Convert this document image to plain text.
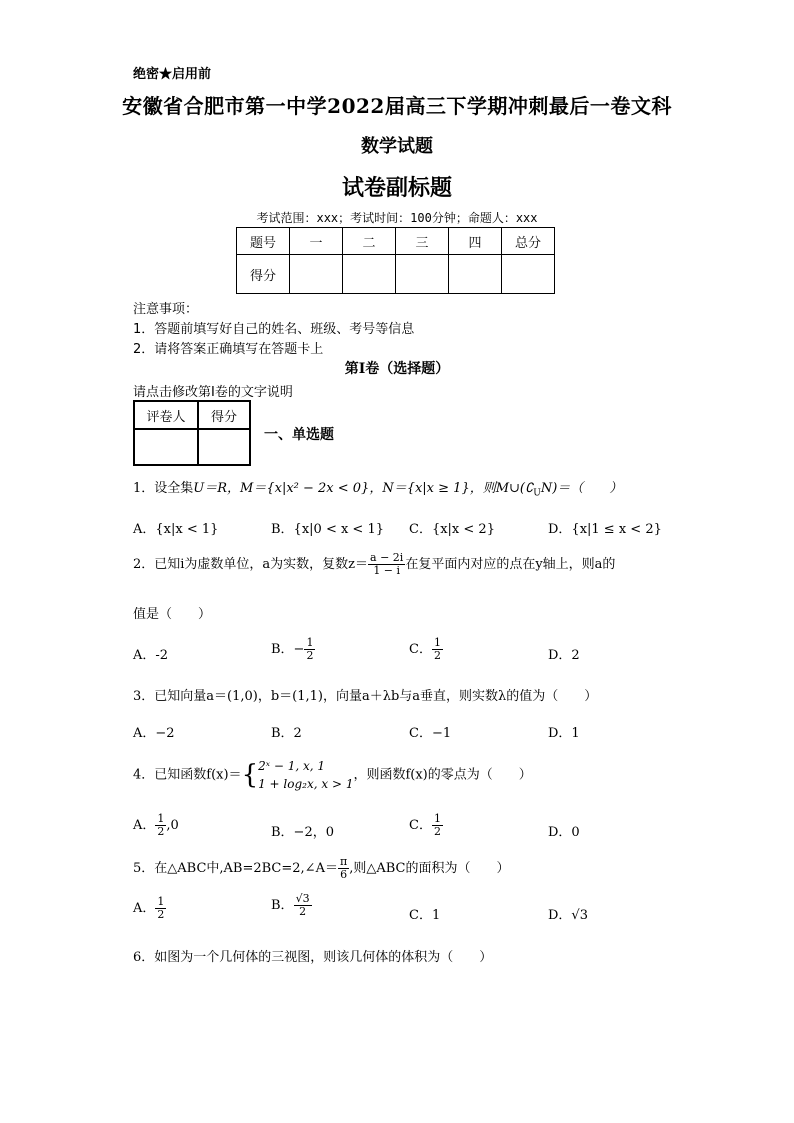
绝密★启用前
安徽省合肥市第一中学2022届高三下学期冲刺最后一卷文科
数学试题
试卷副标题
考试范围：xxx；考试时间：100分钟；命题人：xxx
题号	一	二	三	四	总分
得分					
注意事项：
1．答题前填写好自己的姓名、班级、考号等信息
2．请将答案正确填写在答题卡上
第I卷（选择题）
请点击修改第I卷的文字说明
评卷人	得分

一、单选题
1．设全集U＝R，M＝{x|x² − 2x < 0}，N＝{x|x ≥ 1}，则$M\cup(∁_UN)=$（　　）
A．{x|x < 1}	B．{x|0 < x < 1} C．{x|x < 2}	D．{x|1 ≤ x < 2}
2．已知i为虚数单位，a为实数，复数$z= \frac{a - 2i}{1 - i}$ 在复平面内对应的点在y轴上，则a的
值是（　　）
A．-2	B．− $\frac{1}{2}$	C． $\frac{1}{2}$	D．2
3．已知向量a＝(1,0)，b＝(1,1)，向量a＋λb与a垂直，则实数λ的值为（　　）
A．−2	B．2	C．−1	D．1
4．已知函数f(x)＝{ 2ˣ − 1, x, 1
1 + log₂x, x > 1
，则函数f(x)的零点为（　　）
A． $\frac{1}{2} ,0$	B．−2，0	C． $\frac{1}{2}$	D．0
5．在△ABC中,AB=2BC=2,∠A＝ $\frac{\pi}{6}$ ,则△ABC的面积为（　　）
A． $\frac{1}{2}$	B． $\frac{√3}{2}$	C．1	D．√3
6．如图为一个几何体的三视图，则该几何体的体积为（　　）
